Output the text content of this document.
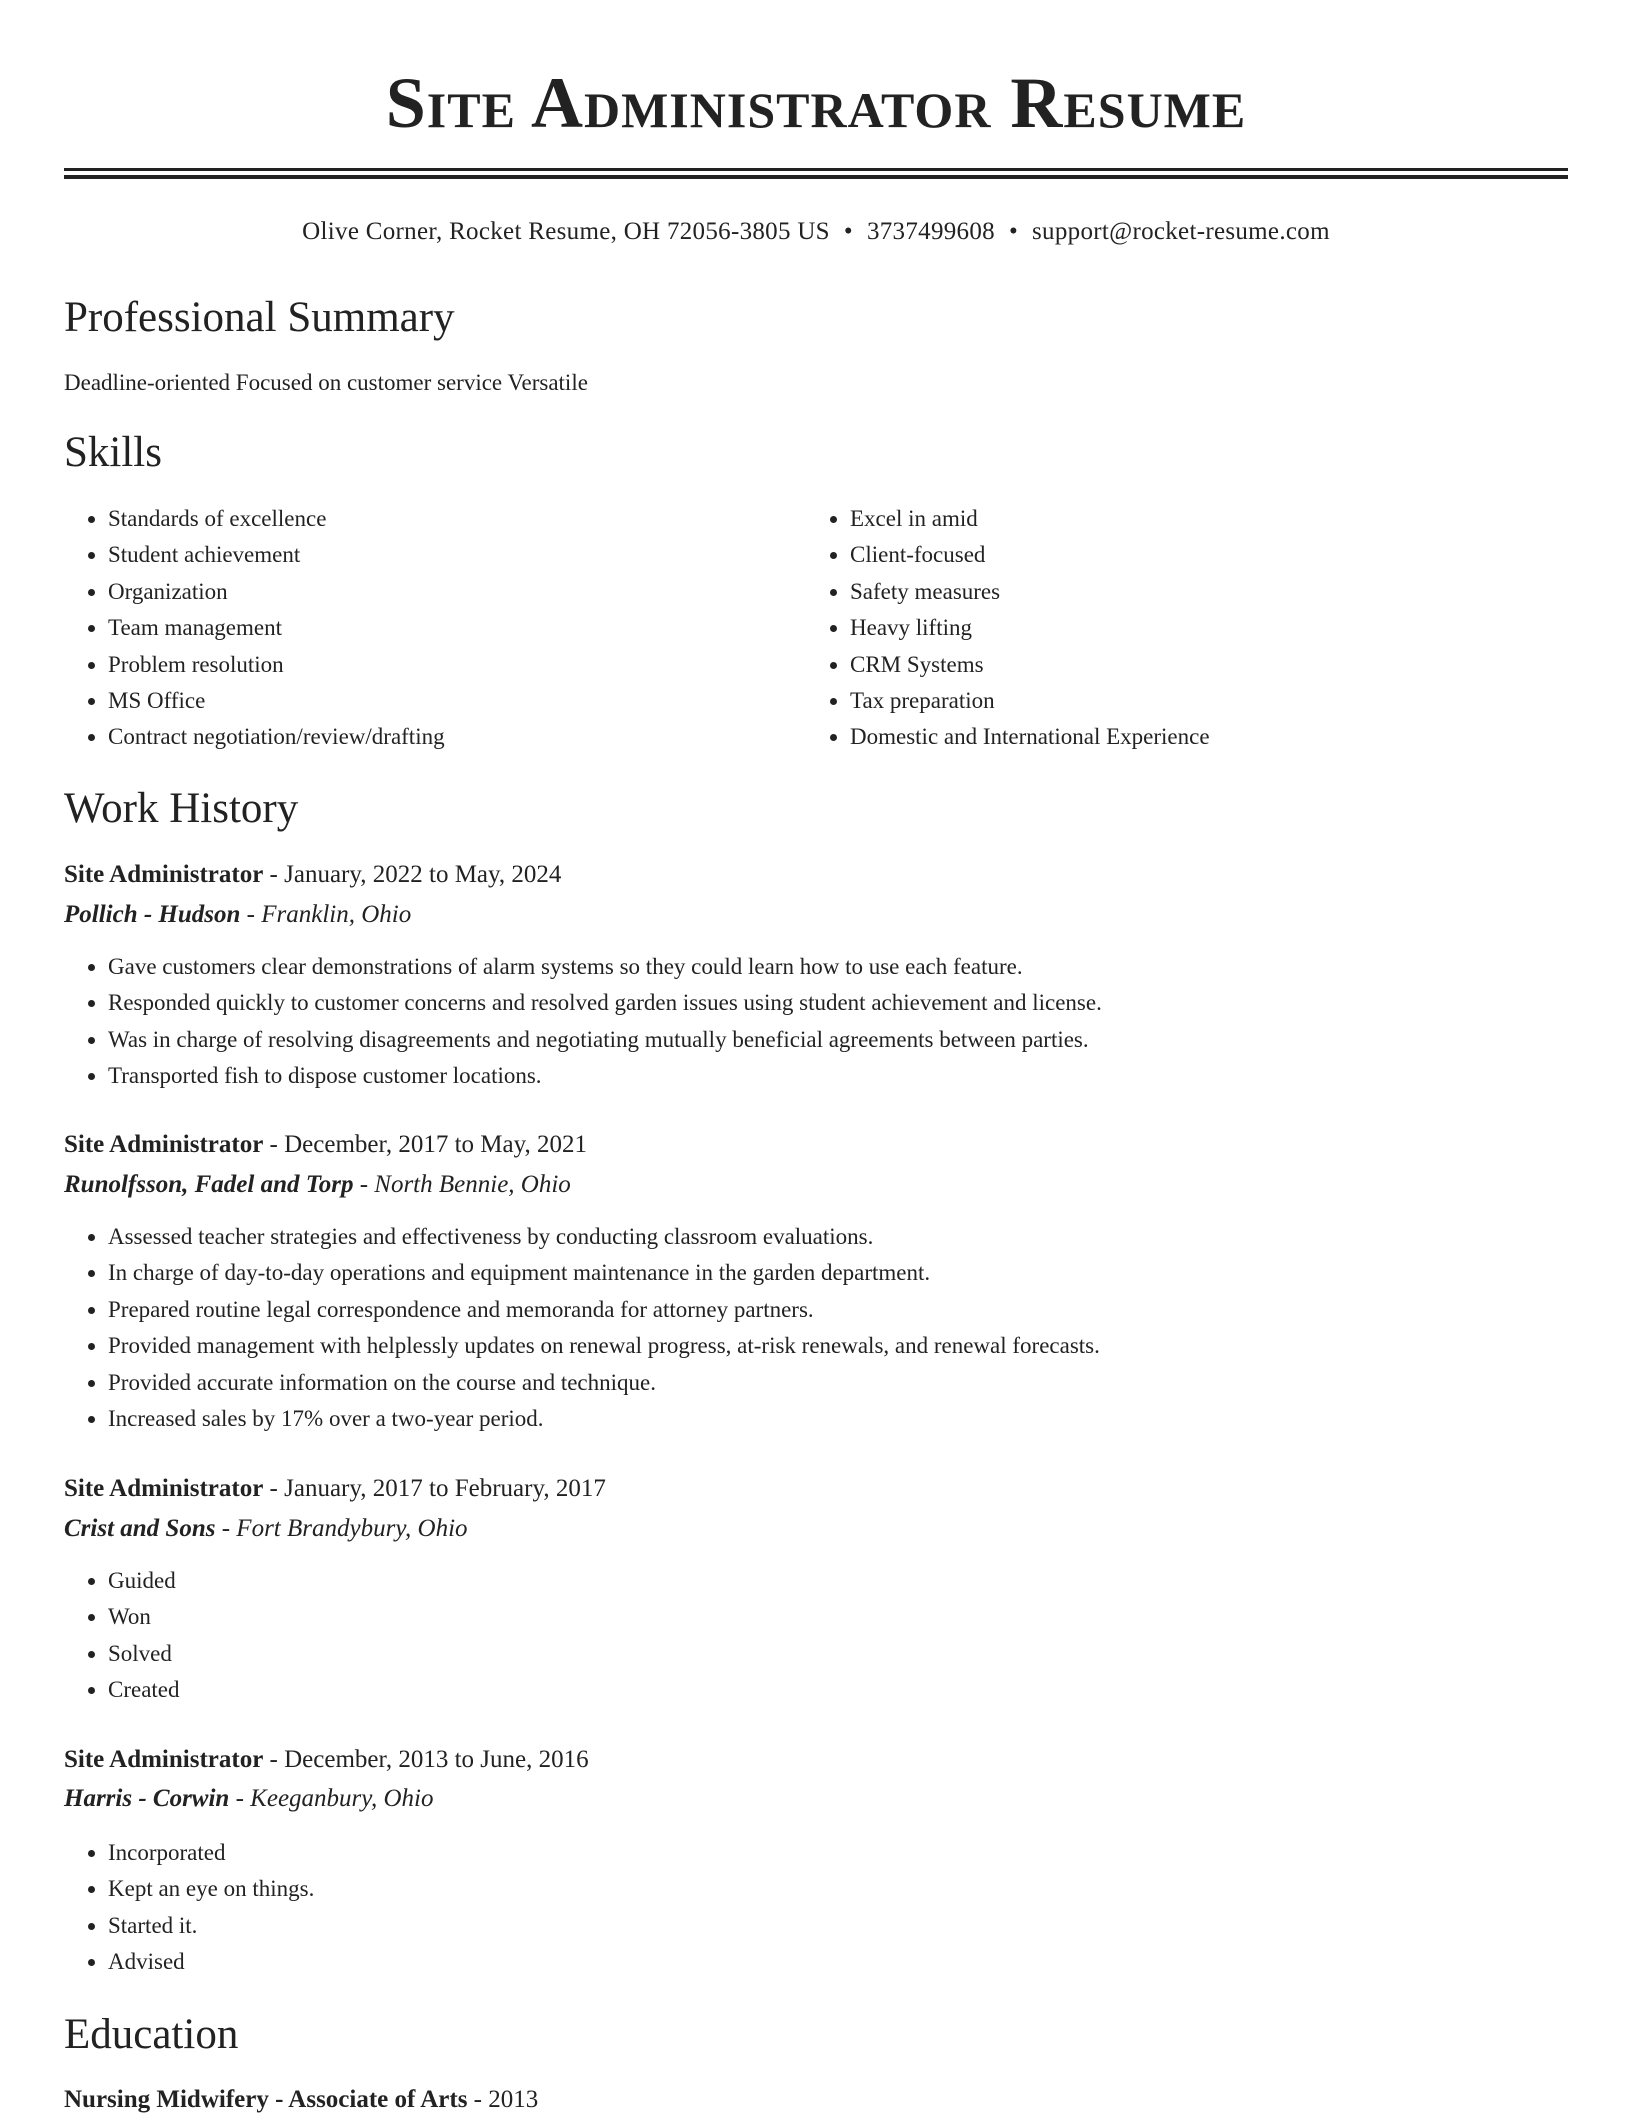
Site Administrator Resume
Olive Corner, Rocket Resume, OH 72056-3805 US • 3737499608 • support@rocket-resume.com
Professional Summary
Deadline-oriented Focused on customer service Versatile
Skills
• Standards of excellence
• Student achievement
• Organization
• Team management
• Problem resolution
• MS Office
• Contract negotiation/review/drafting
• Excel in amid
• Client-focused
• Safety measures
• Heavy lifting
• CRM Systems
• Tax preparation
• Domestic and International Experience
Work History
Site Administrator - January, 2022 to May, 2024
Pollich - Hudson - Franklin, Ohio
• Gave customers clear demonstrations of alarm systems so they could learn how to use each feature.
• Responded quickly to customer concerns and resolved garden issues using student achievement and license.
• Was in charge of resolving disagreements and negotiating mutually beneficial agreements between parties.
• Transported fish to dispose customer locations.
Site Administrator - December, 2017 to May, 2021
Runolfsson, Fadel and Torp - North Bennie, Ohio
• Assessed teacher strategies and effectiveness by conducting classroom evaluations.
• In charge of day-to-day operations and equipment maintenance in the garden department.
• Prepared routine legal correspondence and memoranda for attorney partners.
• Provided management with helplessly updates on renewal progress, at-risk renewals, and renewal forecasts.
• Provided accurate information on the course and technique.
• Increased sales by 17% over a two-year period.
Site Administrator - January, 2017 to February, 2017
Crist and Sons - Fort Brandybury, Ohio
• Guided
• Won
• Solved
• Created
Site Administrator - December, 2013 to June, 2016
Harris - Corwin - Keeganbury, Ohio
• Incorporated
• Kept an eye on things.
• Started it.
• Advised
Education
Nursing Midwifery - Associate of Arts - 2013
